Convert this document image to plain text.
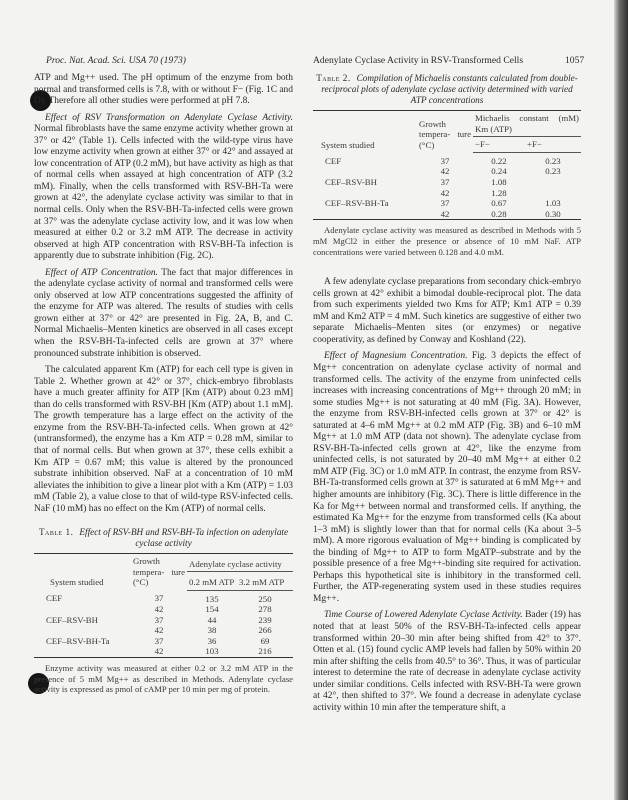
Proc. Nat. Acad. Sci. USA 70 (1973)	Adenylate Cyclase Activity in RSV-Transformed Cells	1057

ATP and Mg++ used. The pH optimum of the enzyme from both normal and transformed cells is 7.8, with or without F− (Fig. 1C and D). Therefore all other studies were performed at pH 7.8.

Effect of RSV Transformation on Adenylate Cyclase Activity. Normal fibroblasts have the same enzyme activity whether grown at 37° or 42° (Table 1). Cells infected with the wild-type virus have low enzyme activity when grown at either 37° or 42° and assayed at low concentration of ATP (0.2 mM), but have activity as high as that of normal cells when assayed at high concentration of ATP (3.2 mM). Finally, when the cells transformed with RSV-BH-Ta were grown at 42°, the adenylate cyclase activity was similar to that in normal cells. Only when the RSV-BH-Ta-infected cells were grown at 37° was the adenylate cyclase activity low, and it was low when measured at either 0.2 or 3.2 mM ATP. The decrease in activity observed at high ATP concentration with RSV-BH-Ta infection is apparently due to substrate inhibition (Fig. 2C).

Effect of ATP Concentration. The fact that major differences in the adenylate cyclase activity of normal and transformed cells were only observed at low ATP concentrations suggested the affinity of the enzyme for ATP was altered. The results of studies with cells grown either at 37° or 42° are presented in Fig. 2A, B, and C. Normal Michaelis–Menten kinetics are observed in all cases except when the RSV-BH-Ta-infected cells are grown at 37° where pronounced substrate inhibition is observed.

The calculated apparent Km (ATP) for each cell type is given in Table 2. Whether grown at 42° or 37°, chick-embryo fibroblasts have a much greater affinity for ATP [Km (ATP) about 0.23 mM] than do cells transformed with RSV-BH [Km (ATP) about 1.1 mM]. The growth temperature has a large effect on the activity of the enzyme from the RSV-BH-Ta-infected cells. When grown at 42° (untransformed), the enzyme has a Km ATP = 0.28 mM, similar to that of normal cells. But when grown at 37°, these cells exhibit a Km ATP = 0.67 mM; this value is altered by the pronounced substrate inhibition observed. NaF at a concentration of 10 mM alleviates the inhibition to give a linear plot with a Km (ATP) = 1.03 mM (Table 2), a value close to that of wild-type RSV-infected cells. NaF (10 mM) has no effect on the Km (ATP) of normal cells.

Table 1. Effect of RSV-BH and RSV-BH-Ta infection on adenylate cyclase activity
System studied	Growth tempera- ture (°C)	Adenylate cyclase activity	
		0.2 mM ATP	3.2 mM ATP
CEF	37	135	250
	42	154	278
CEF–RSV-BH	37	44	239
	42	38	266
CEF–RSV-BH-Ta	37	36	69
	42	103	216
Enzyme activity was measured at either 0.2 or 3.2 mM ATP in the presence of 5 mM Mg++ as described in Methods. Adenylate cyclase activity is expressed as pmol of cAMP per 10 min per mg of protein.
Table 2. Compilation of Michaelis constants calculated from double-reciprocal plots of adenylate cyclase activity determined with varied ATP concentrations
System studied	Growth tempera- ture (°C)	Michaelis constant (mM) Km (ATP)	
		−F−	+F−
CEF	37	0.22	0.23
	42	0.24	0.23
CEF–RSV-BH	37	1.08	
	42	1.28	
CEF–RSV-BH-Ta	37	0.67	1.03
	42	0.28	0.30
Adenylate cyclase activity was measured as described in Methods with 5 mM MgCl2 in either the presence or absence of 10 mM NaF. ATP concentrations were varied between 0.128 and 4.0 mM.

A few adenylate cyclase preparations from secondary chick-embryo cells grown at 42° exhibit a bimodal double-reciprocal plot. The data from such experiments yielded two Kms for ATP; Km1 ATP = 0.39 mM and Km2 ATP = 4 mM. Such kinetics are suggestive of either two separate Michaelis–Menten sites (or enzymes) or negative cooperativity, as defined by Conway and Koshland (22).

Effect of Magnesium Concentration. Fig. 3 depicts the effect of Mg++ concentration on adenylate cyclase activity of normal and transformed cells. The activity of the enzyme from uninfected cells increases with increasing concentrations of Mg++ through 20 mM; in some studies Mg++ is not saturating at 40 mM (Fig. 3A). However, the enzyme from RSV-BH-infected cells grown at 37° or 42° is saturated at 4–6 mM Mg++ at 0.2 mM ATP (Fig. 3B) and 6–10 mM Mg++ at 1.0 mM ATP (data not shown). The adenylate cyclase from RSV-BH-Ta-infected cells grown at 42°, like the enzyme from uninfected cells, is not saturated by 20–40 mM Mg++ at either 0.2 mM ATP (Fig. 3C) or 1.0 mM ATP. In contrast, the enzyme from RSV-BH-Ta-transformed cells grown at 37° is saturated at 6 mM Mg++ and higher amounts are inhibitory (Fig. 3C). There is little difference in the Ka for Mg++ between normal and transformed cells. If anything, the estimated Ka Mg++ for the enzyme from transformed cells (Ka about 1–3 mM) is slightly lower than that for normal cells (Ka about 3–5 mM). A more rigorous evaluation of Mg++ binding is complicated by the binding of Mg++ to ATP to form MgATP–substrate and by the possible presence of a free Mg++-binding site required for activation. Perhaps this hypothetical site is inhibitory in the transformed cell. Further, the ATP-regenerating system used in these studies requires Mg++.

Time Course of Lowered Adenylate Cyclase Activity. Bader (19) has noted that at least 50% of the RSV-BH-Ta-infected cells appear transformed within 20–30 min after being shifted from 42° to 37°. Otten et al. (15) found cyclic AMP levels had fallen by 50% within 20 min after shifting the cells from 40.5° to 36°. Thus, it was of particular interest to determine the rate of decrease in adenylate cyclase activity under similar conditions. Cells infected with RSV-BH-Ta were grown at 42°, then shifted to 37°. We found a decrease in adenylate cyclase activity within 10 min after the temperature shift, a
